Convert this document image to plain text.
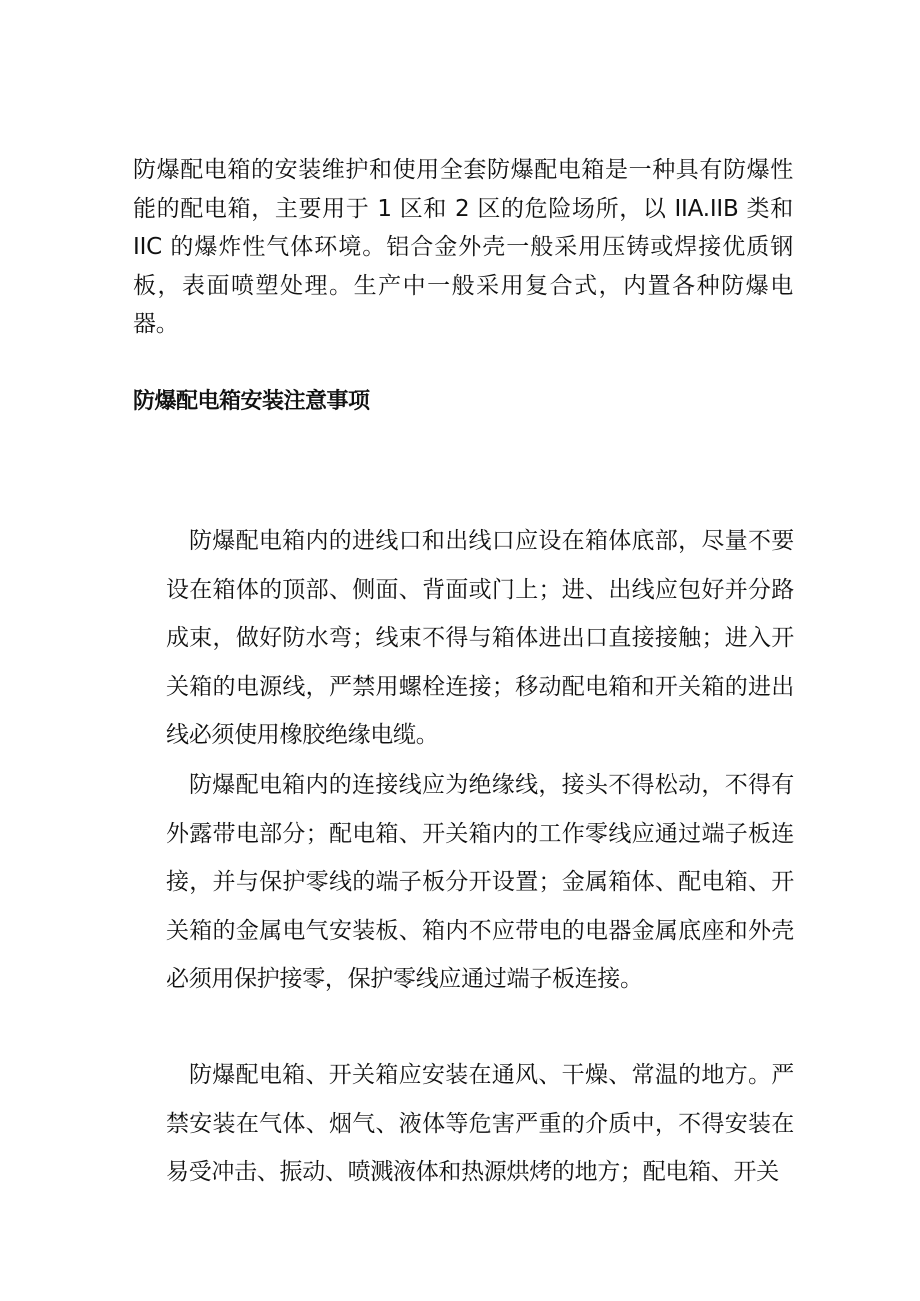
防爆配电箱的安装维护和使用全套防爆配电箱是一种具有防爆性能的配电箱，主要用于 1 区和 2 区的危险场所，以 IIA.IIB 类和 IIC 的爆炸性气体环境。铝合金外壳一般采用压铸或焊接优质钢板，表面喷塑处理。生产中一般采用复合式，内置各种防爆电器。

防爆配电箱安装注意事项

防爆配电箱内的进线口和出线口应设在箱体底部，尽量不要设在箱体的顶部、侧面、背面或门上；进、出线应包好并分路成束，做好防水弯；线束不得与箱体进出口直接接触；进入开关箱的电源线，严禁用螺栓连接；移动配电箱和开关箱的进出线必须使用橡胶绝缘电缆。

防爆配电箱内的连接线应为绝缘线，接头不得松动，不得有外露带电部分；配电箱、开关箱内的工作零线应通过端子板连接，并与保护零线的端子板分开设置；金属箱体、配电箱、开关箱的金属电气安装板、箱内不应带电的电器金属底座和外壳必须用保护接零，保护零线应通过端子板连接。

防爆配电箱、开关箱应安装在通风、干燥、常温的地方。严禁安装在气体、烟气、液体等危害严重的介质中，不得安装在易受冲击、振动、喷溅液体和热源烘烤的地方；配电箱、开关
